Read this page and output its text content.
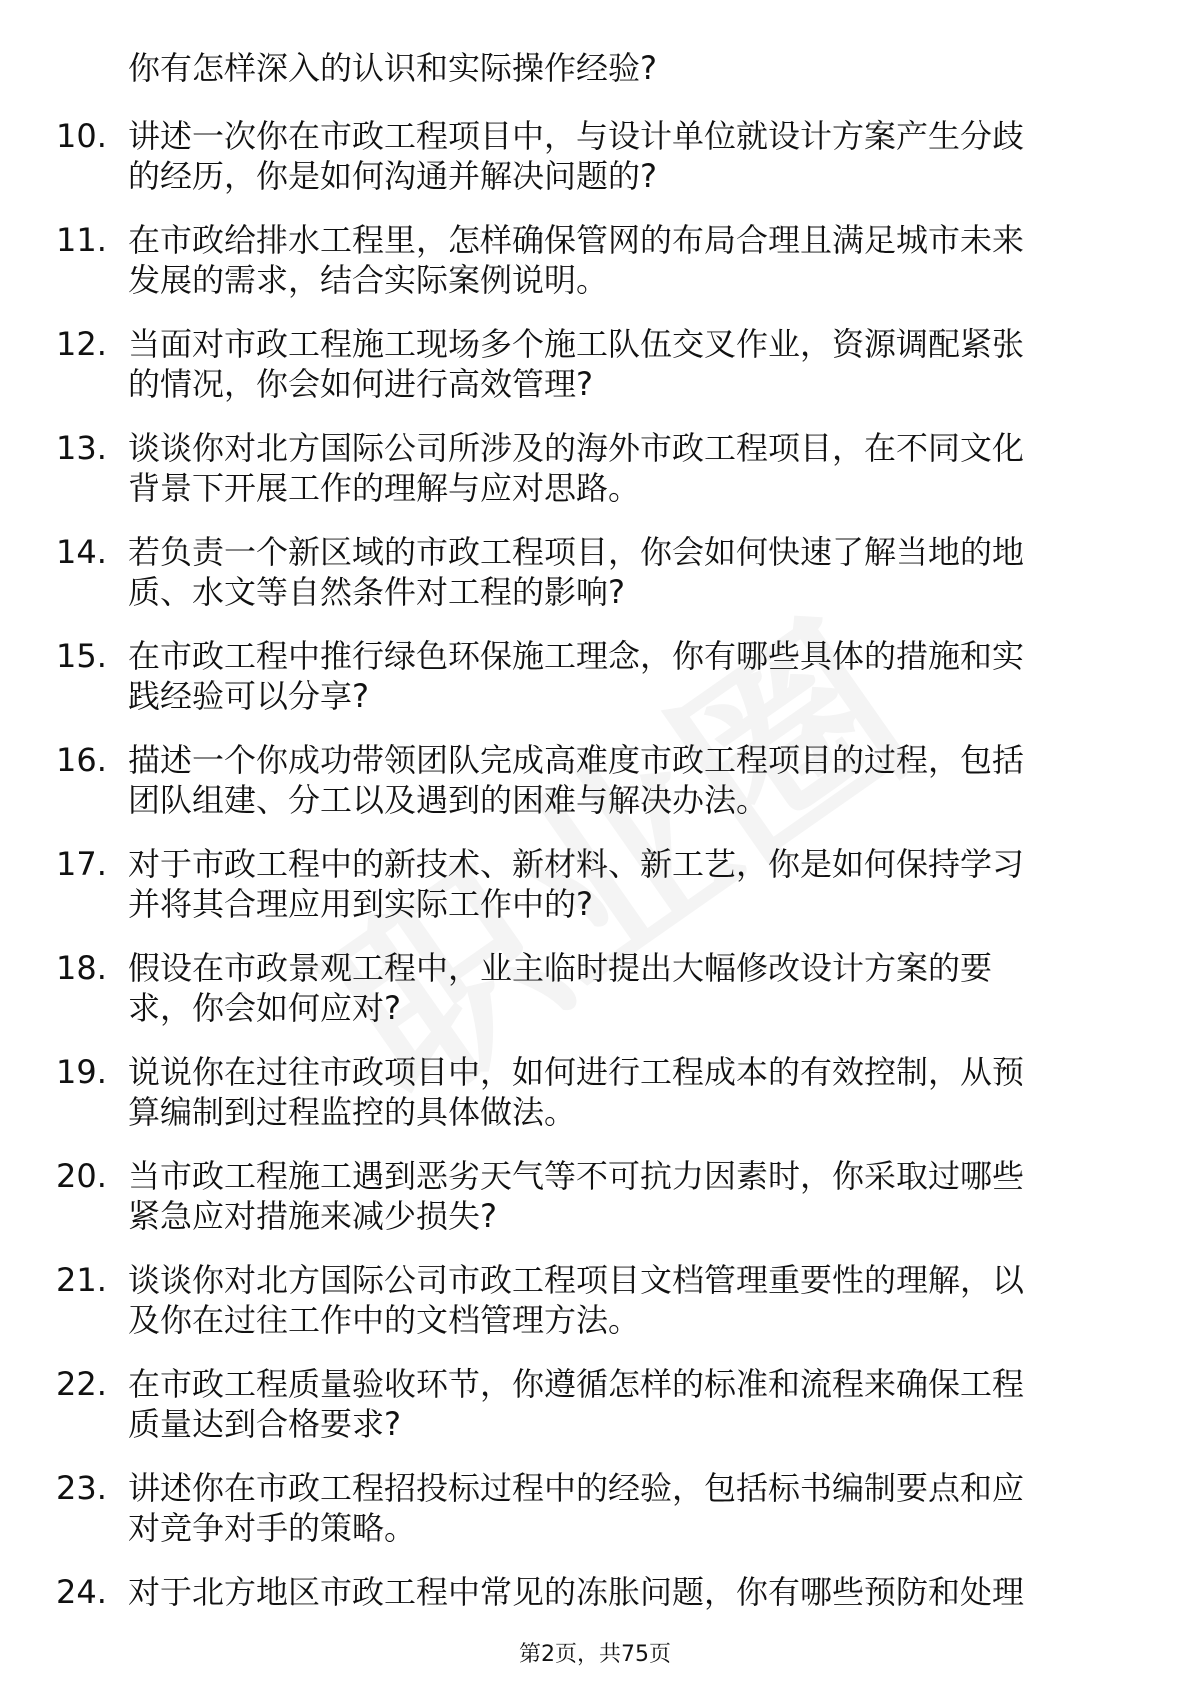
你有怎样深入的认识和实际操作经验?
10. 讲述一次你在市政工程项目中，与设计单位就设计方案产生分歧
的经历，你是如何沟通并解决问题的?
11. 在市政给排水工程里，怎样确保管网的布局合理且满足城市未来
发展的需求，结合实际案例说明。
12. 当面对市政工程施工现场多个施工队伍交叉作业，资源调配紧张
的情况，你会如何进行高效管理?
13. 谈谈你对北方国际公司所涉及的海外市政工程项目，在不同文化
背景下开展工作的理解与应对思路。
14. 若负责一个新区域的市政工程项目，你会如何快速了解当地的地
质、水文等自然条件对工程的影响?
15. 在市政工程中推行绿色环保施工理念，你有哪些具体的措施和实
践经验可以分享?
16. 描述一个你成功带领团队完成高难度市政工程项目的过程，包括
团队组建、分工以及遇到的困难与解决办法。
17. 对于市政工程中的新技术、新材料、新工艺，你是如何保持学习
并将其合理应用到实际工作中的?
18. 假设在市政景观工程中，业主临时提出大幅修改设计方案的要
求，你会如何应对?
19. 说说你在过往市政项目中，如何进行工程成本的有效控制，从预
算编制到过程监控的具体做法。
20. 当市政工程施工遇到恶劣天气等不可抗力因素时，你采取过哪些
紧急应对措施来减少损失?
21. 谈谈你对北方国际公司市政工程项目文档管理重要性的理解，以
及你在过往工作中的文档管理方法。
22. 在市政工程质量验收环节，你遵循怎样的标准和流程来确保工程
质量达到合格要求?
23. 讲述你在市政工程招投标过程中的经验，包括标书编制要点和应
对竞争对手的策略。
24. 对于北方地区市政工程中常见的冻胀问题，你有哪些预防和处理
第2页，共75页
